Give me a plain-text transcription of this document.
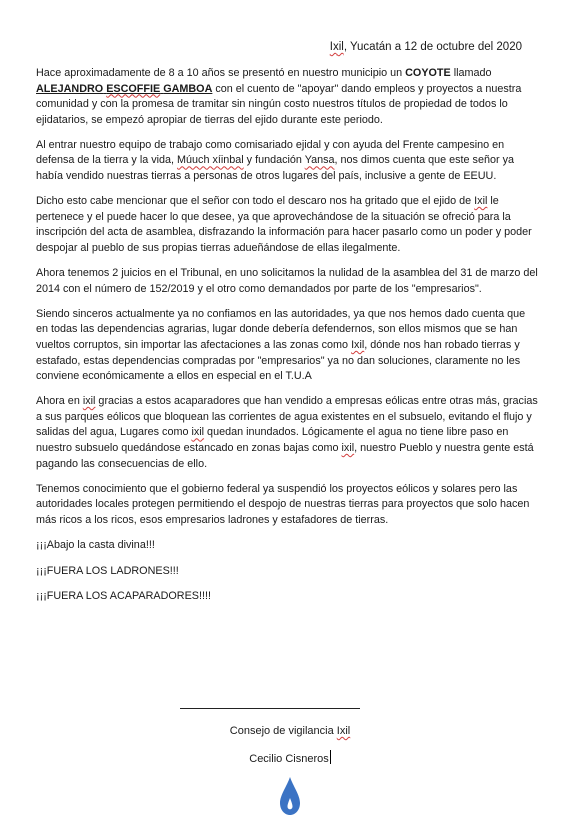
Ixil, Yucatán a 12 de octubre del 2020

Hace aproximadamente de 8 a 10 años se presentó en nuestro municipio un COYOTE llamado ALEJANDRO ESCOFFIE GAMBOA con el cuento de "apoyar" dando empleos y proyectos a nuestra comunidad y con la promesa de tramitar sin ningún costo nuestros títulos de propiedad de todos lo ejidatarios, se empezó apropiar de tierras del ejido durante este periodo.

Al entrar nuestro equipo de trabajo como comisariado ejidal y con ayuda del Frente campesino en defensa de la tierra y la vida, Múuch xíinbal y fundación Yansa, nos dimos cuenta que este señor ya había vendido nuestras tierras a personas de otros lugares del país, inclusive a gente de EEUU.

Dicho esto cabe mencionar que el señor con todo el descaro nos ha gritado que el ejido de Ixil le pertenece y el puede hacer lo que desee, ya que aprovechándose de la situación se ofreció para la inscripción del acta de asamblea, disfrazando la información para hacer pasarlo como un poder y poder despojar al pueblo de sus propias tierras adueñándose de ellas ilegalmente.

Ahora tenemos 2 juicios en el Tribunal, en uno solicitamos la nulidad de la asamblea del 31 de marzo del 2014 con el número de 152/2019 y el otro como demandados por parte de los "empresarios".

Siendo sinceros actualmente ya no confiamos en las autoridades, ya que nos hemos dado cuenta que en todas las dependencias agrarias, lugar donde debería defendernos, son ellos mismos que se han vueltos corruptos, sin importar las afectaciones a las zonas como Ixil, dónde nos han robado tierras y estafado, estas dependencias compradas por "empresarios" ya no dan soluciones, claramente no les conviene económicamente a ellos en especial en el T.U.A

Ahora en ixil gracias a estos acaparadores que han vendido a empresas eólicas entre otras más, gracias a sus parques eólicos que bloquean las corrientes de agua existentes en el subsuelo, evitando el flujo y salidas del agua, Lugares como ixil quedan inundados. Lógicamente el agua no tiene libre paso en nuestro subsuelo quedándose estancado en zonas bajas como ixil, nuestro Pueblo y nuestra gente está pagando las consecuencias de ello.

Tenemos conocimiento que el gobierno federal ya suspendió los proyectos eólicos y solares pero las autoridades locales protegen permitiendo el despojo de nuestras tierras para proyectos que solo hacen más ricos a los ricos, esos empresarios ladrones y estafadores de tierras.

¡¡¡Abajo la casta divina!!!

¡¡¡FUERA LOS LADRONES!!!

¡¡¡FUERA LOS ACAPARADORES!!!!

Consejo de vigilancia Ixil
Cecilio Cisneros
